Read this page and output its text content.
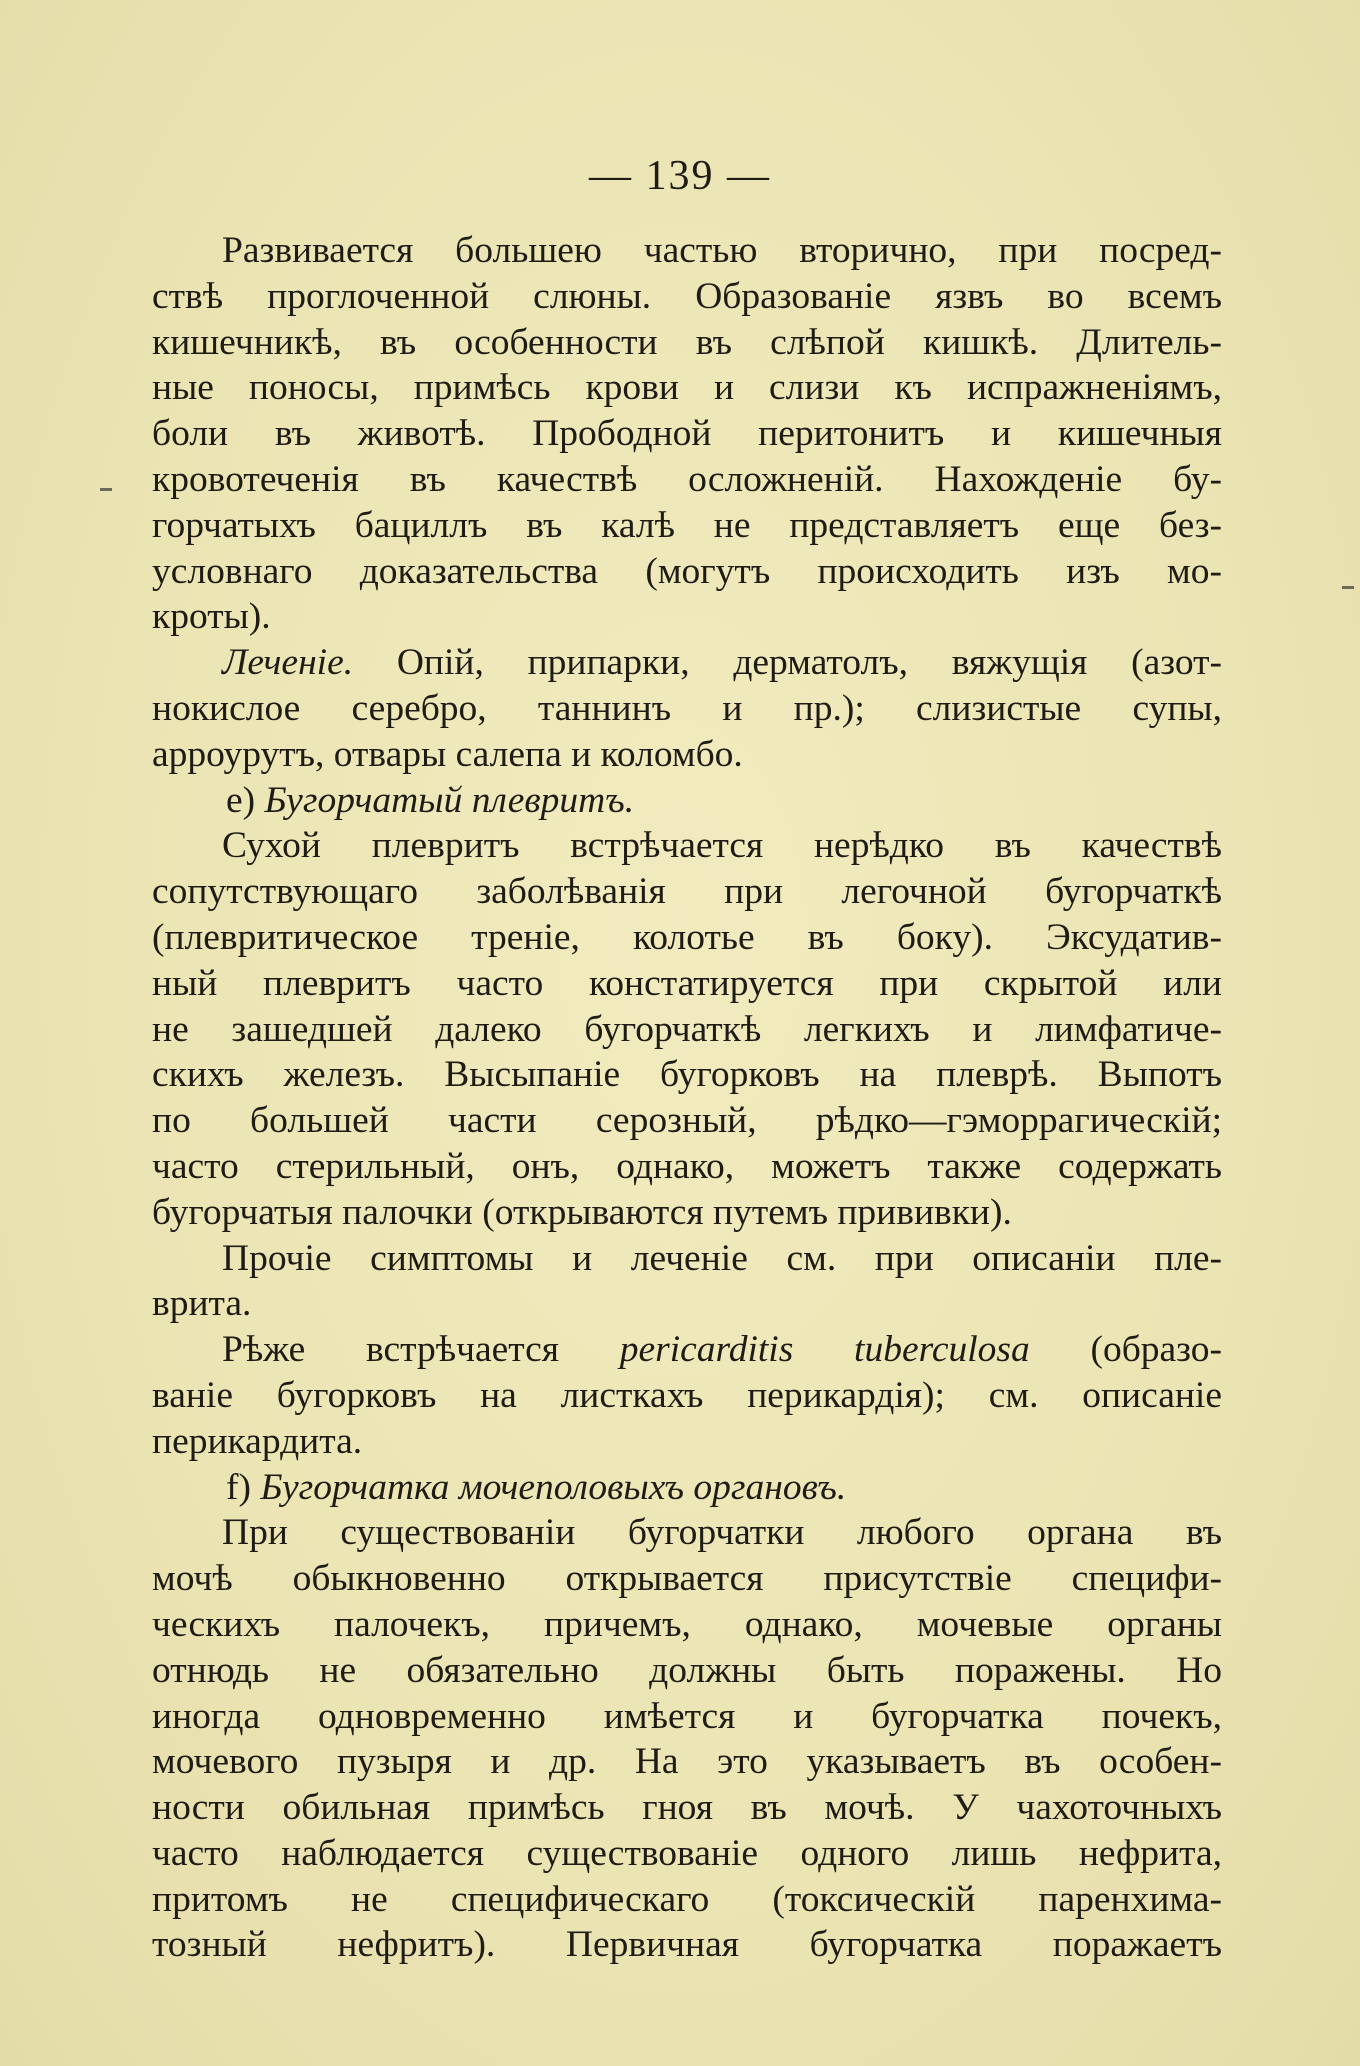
— 139 —
Развивается большею частью вторично, при посред-
ствѣ проглоченной слюны. Образованіе язвъ во всемъ
кишечникѣ, въ особенности въ слѣпой кишкѣ. Длитель-
ные поносы, примѣсь крови и слизи къ испражненіямъ,
боли въ животѣ. Прободной перитонитъ и кишечныя
кровотеченія въ качествѣ осложненій. Нахожденіе бу-
горчатыхъ бациллъ въ калѣ не представляетъ еще без-
условнаго доказательства (могутъ происходить изъ мо-
кроты).
Леченіе. Опій, припарки, дерматолъ, вяжущія (азот-
нокислое серебро, таннинъ и пр.); слизистые супы,
арроурутъ, отвары салепа и коломбо.
e) Бугорчатый плевритъ.
Сухой плевритъ встрѣчается нерѣдко въ качествѣ
сопутствующаго заболѣванія при легочной бугорчаткѣ
(плевритическое треніе, колотье въ боку). Эксудатив-
ный плевритъ часто констатируется при скрытой или
не зашедшей далеко бугорчаткѣ легкихъ и лимфатиче-
скихъ железъ. Высыпаніе бугорковъ на плеврѣ. Выпотъ
по большей части серозный, рѣдко—гэморрагическій;
часто стерильный, онъ, однако, можетъ также содержать
бугорчатыя палочки (открываются путемъ прививки).
Прочіе симптомы и леченіе см. при описаніи пле-
врита.
Рѣже встрѣчается pericarditis tuberculosa (образо-
ваніе бугорковъ на листкахъ перикардія); см. описаніе
перикардита.
f) Бугорчатка мочеполовыхъ органовъ.
При существованіи бугорчатки любого органа въ
мочѣ обыкновенно открывается присутствіе специфи-
ческихъ палочекъ, причемъ, однако, мочевые органы
отнюдь не обязательно должны быть поражены. Но
иногда одновременно имѣется и бугорчатка почекъ,
мочевого пузыря и др. На это указываетъ въ особен-
ности обильная примѣсь гноя въ мочѣ. У чахоточныхъ
часто наблюдается существованіе одного лишь нефрита,
притомъ не специфическаго (токсическій паренхима-
тозный нефритъ). Первичная бугорчатка поражаетъ
